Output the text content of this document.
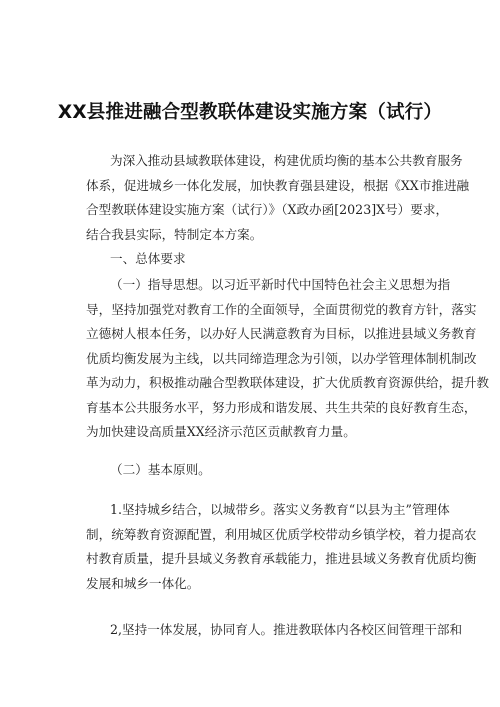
XX县推进融合型教联体建设实施方案（试行）
为深入推动县域教联体建设，构建优质均衡的基本公共教育服务
体系，促进城乡一体化发展，加快教育强县建设，根据《XX市推进融
合型教联体建设实施方案（试行）》（X政办函[2023]X号）要求，
结合我县实际，特制定本方案。
一、总体要求
（一）指导思想。以习近平新时代中国特色社会主义思想为指
导，坚持加强党对教育工作的全面领导，全面贯彻党的教育方针，落实
立德树人根本任务，以办好人民满意教育为目标，以推进县域义务教育
优质均衡发展为主线，以共同缔造理念为引领，以办学管理体制机制改
革为动力，积极推动融合型教联体建设，扩大优质教育资源供给，提升教
育基本公共服务水平，努力形成和谐发展、共生共荣的良好教育生态，
为加快建设高质量XX经济示范区贡献教育力量。
（二）基本原则。
1.坚持城乡结合，以城带乡。落实义务教育“以县为主”管理体
制，统筹教育资源配置，利用城区优质学校带动乡镇学校，着力提高农
村教育质量，提升县域义务教育承载能力，推进县域义务教育优质均衡
发展和城乡一体化。
2,坚持一体发展，协同育人。推进教联体内各校区间管理干部和
